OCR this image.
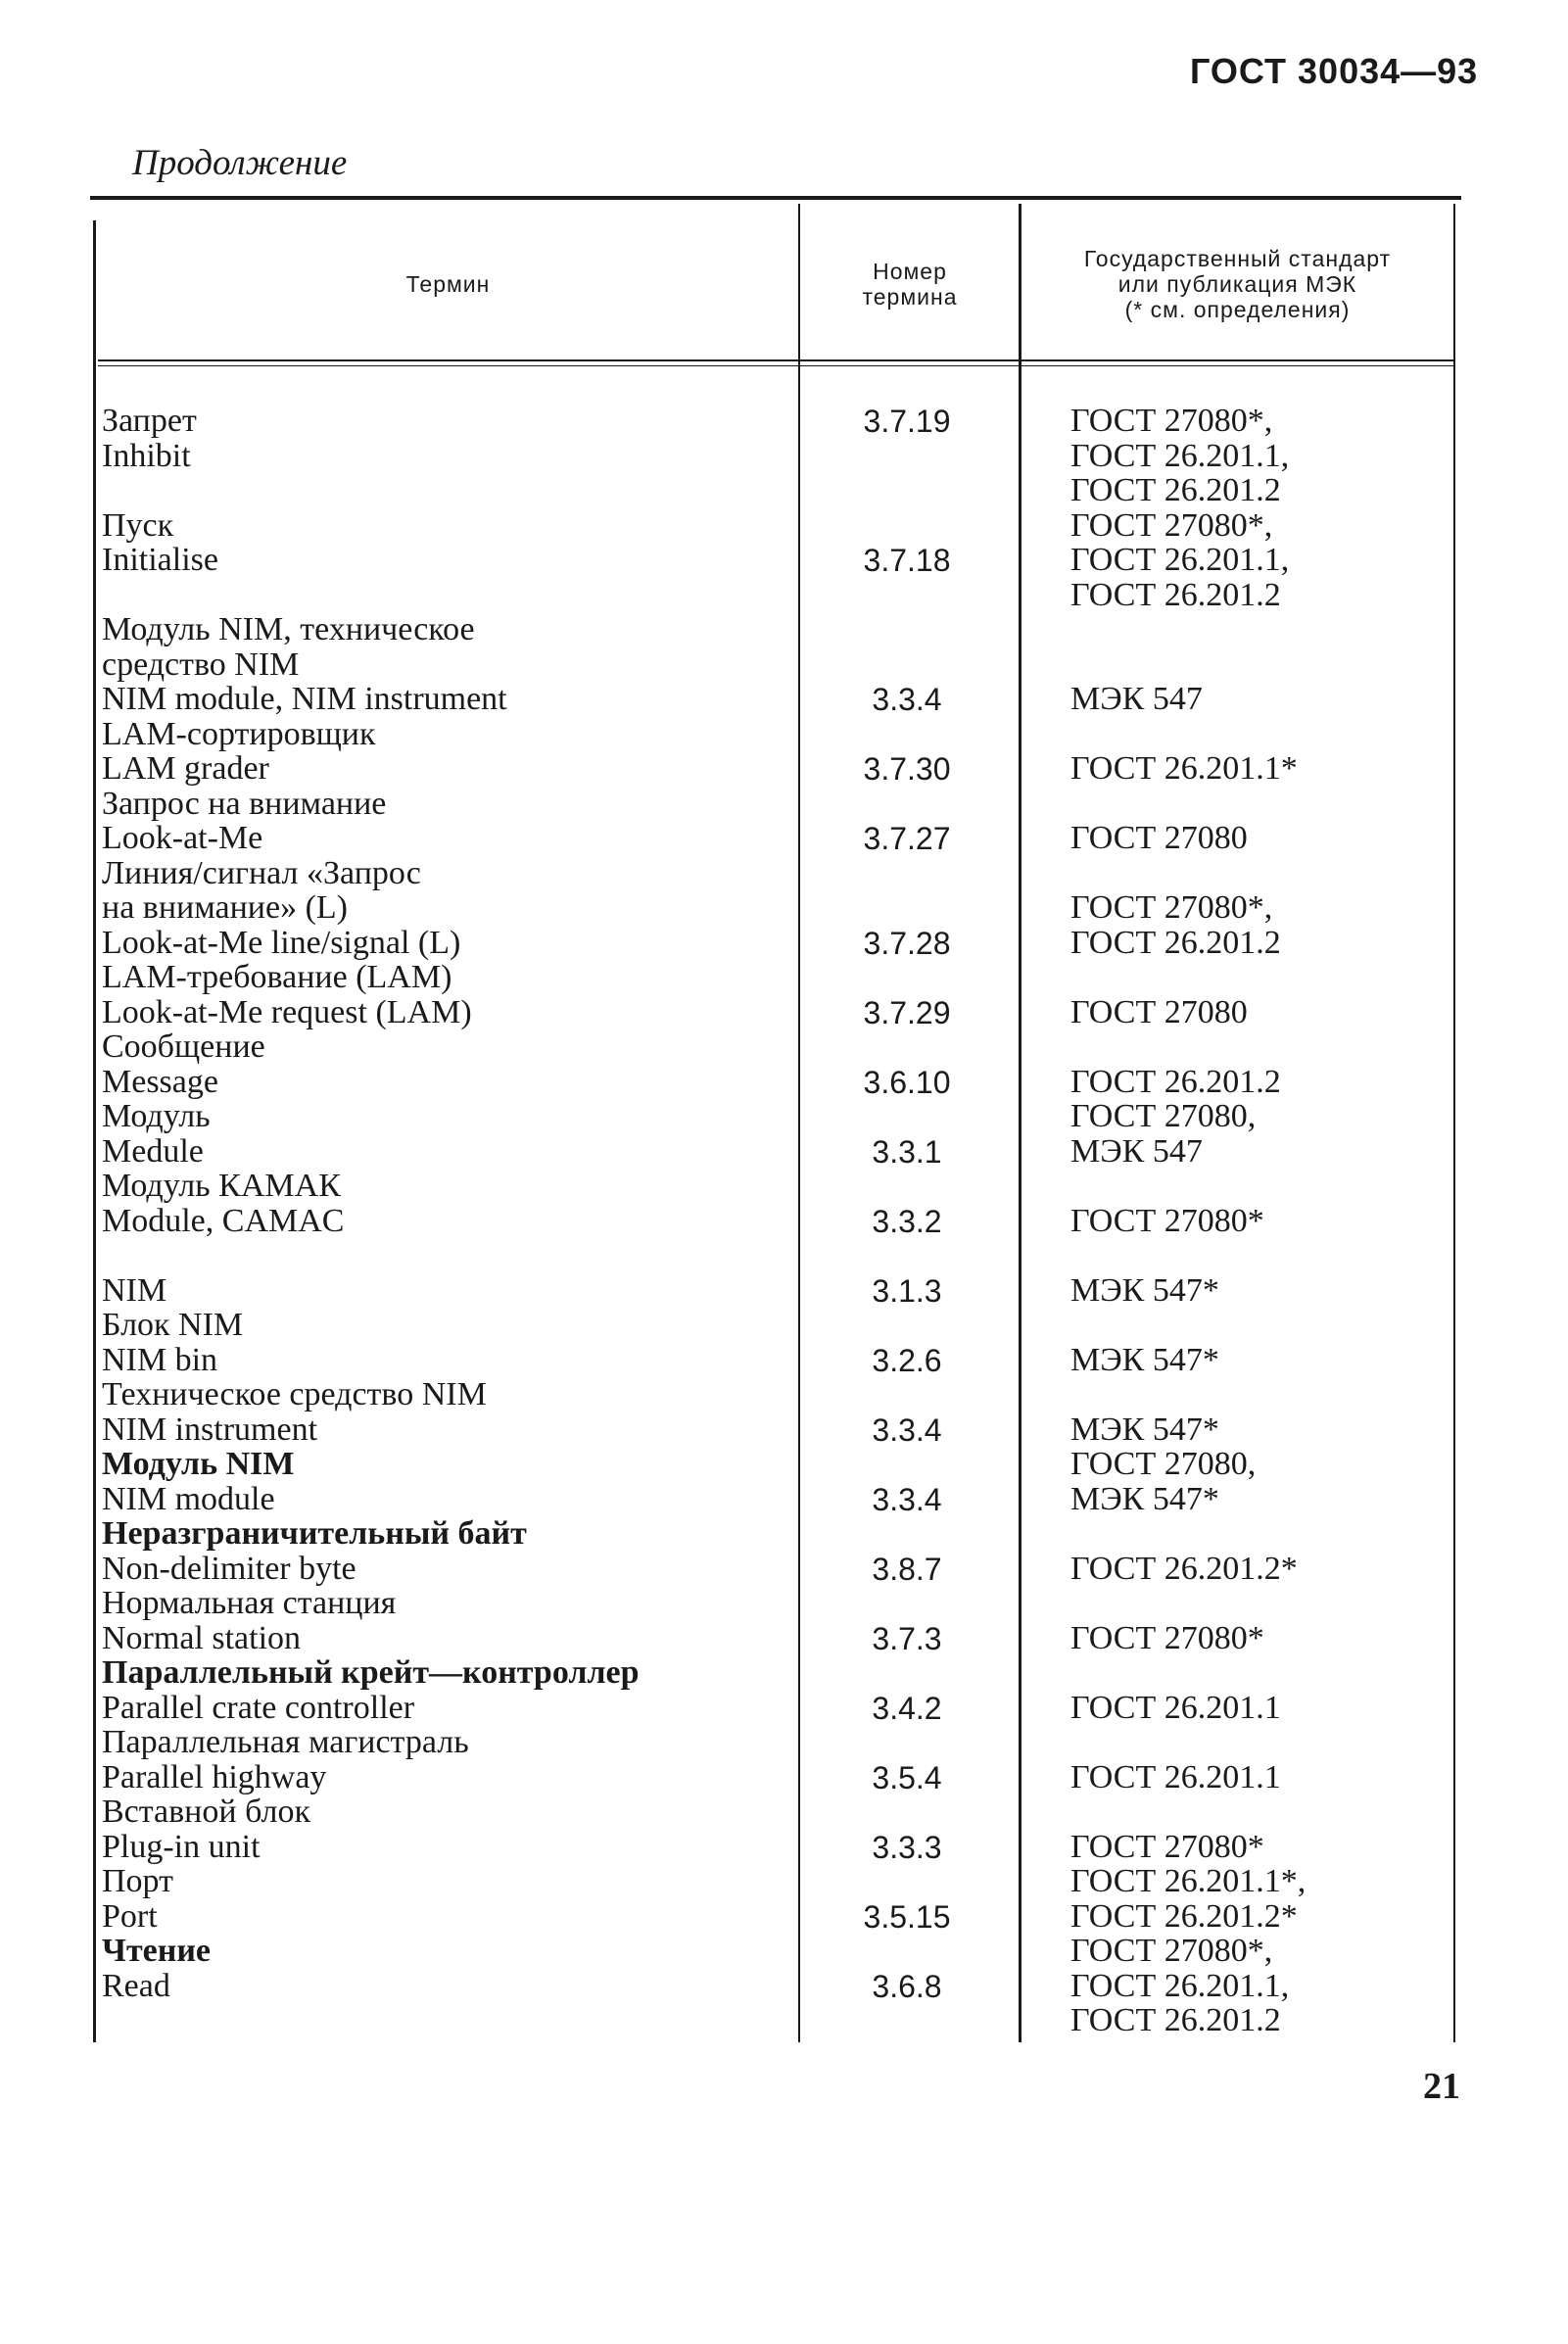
ГОСТ 30034—93
Продолжение
Термин	Номер
термина
Государственный стандарт
или публикация МЭК
(* см. определения)
Запрет
Inhibit
Пуск
Initialise
Модуль NIM, техническое
средство NIM
NIM module, NIM instrument
LAM-сортировщик
LAM grader
Запрос на внимание
Look-at-Me
Линия/сигнал «Запрос
на внимание» (L)
Look-at-Me line/signal (L)
LAM-требование (LAM)
Look-at-Me request (LAM)
Сообщение
Message
Модуль
Medule
Модуль КАМАК
Module, CAMAC
NIM
Блок NIM
NIM bin
Техническое средство NIM
NIM instrument
Модуль NIM
NIM module
Неразграничительный байт
Non-delimiter byte
Нормальная станция
Normal station
Параллельный крейт—контроллер
Parallel crate controller
Параллельная магистраль
Parallel highway
Вставной блок
Plug-in unit
Порт
Port
Чтение
Read
3.7.19
3.7.18
3.3.4
3.7.30
3.7.27
3.7.28
3.7.29
3.6.10
3.3.1
3.3.2
3.1.3
3.2.6
3.3.4
3.3.4
3.8.7
3.7.3
3.4.2
3.5.4
3.3.3
3.5.15
3.6.8
ГОСТ 27080*,
ГОСТ 26.201.1,
ГОСТ 26.201.2
ГОСТ 27080*,
ГОСТ 26.201.1,
ГОСТ 26.201.2
МЭК 547
ГОСТ 26.201.1*
ГОСТ 27080
ГОСТ 27080*,
ГОСТ 26.201.2
ГОСТ 27080
ГОСТ 26.201.2
ГОСТ 27080,
МЭК 547
ГОСТ 27080*
МЭК 547*
МЭК 547*
МЭК 547*
ГОСТ 27080,
МЭК 547*
ГОСТ 26.201.2*
ГОСТ 27080*
ГОСТ 26.201.1
ГОСТ 26.201.1
ГОСТ 27080*
ГОСТ 26.201.1*,
ГОСТ 26.201.2*
ГОСТ 27080*,
ГОСТ 26.201.1,
ГОСТ 26.201.2
21
